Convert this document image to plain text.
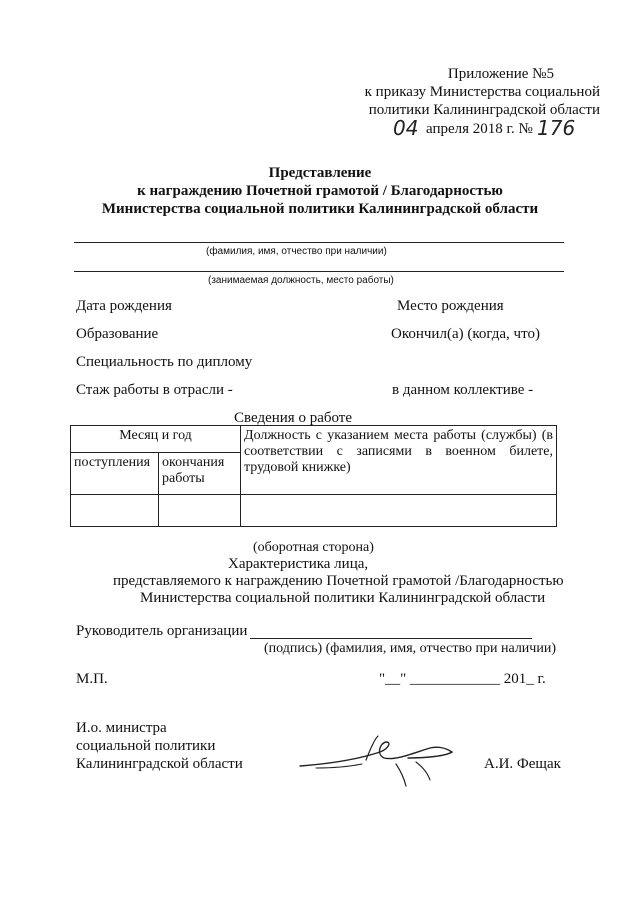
Приложение №5
к приказу Министерства социальной
политики Калининградской области
04 апреля 2018 г. № 176
Представление
к награждению Почетной грамотой / Благодарностью
Министерства социальной политики Калининградской области
(фамилия, имя, отчество при наличии)
(занимаемая должность, место работы)
Дата рождения	Место рождения
Образование	Окончил(а) (когда, что)
Специальность по диплому
Стаж работы в отрасли -	в данном коллективе -
Сведения о работе
Месяц и год		Должность с указанием места работы (службы) (в соответствии с записями в военном билете, трудовой книжке)
поступления	окончания работы	

(оборотная сторона)
Характеристика лица,
представляемого к награждению Почетной грамотой /Благодарностью
Министерства социальной политики Калининградской области
Руководитель организации
(подпись) (фамилия, имя, отчество при наличии)
М.П.	"__" ____________ 201_ г.
И.о. министра
социальной политики
Калининградской области	А.И. Фещак
